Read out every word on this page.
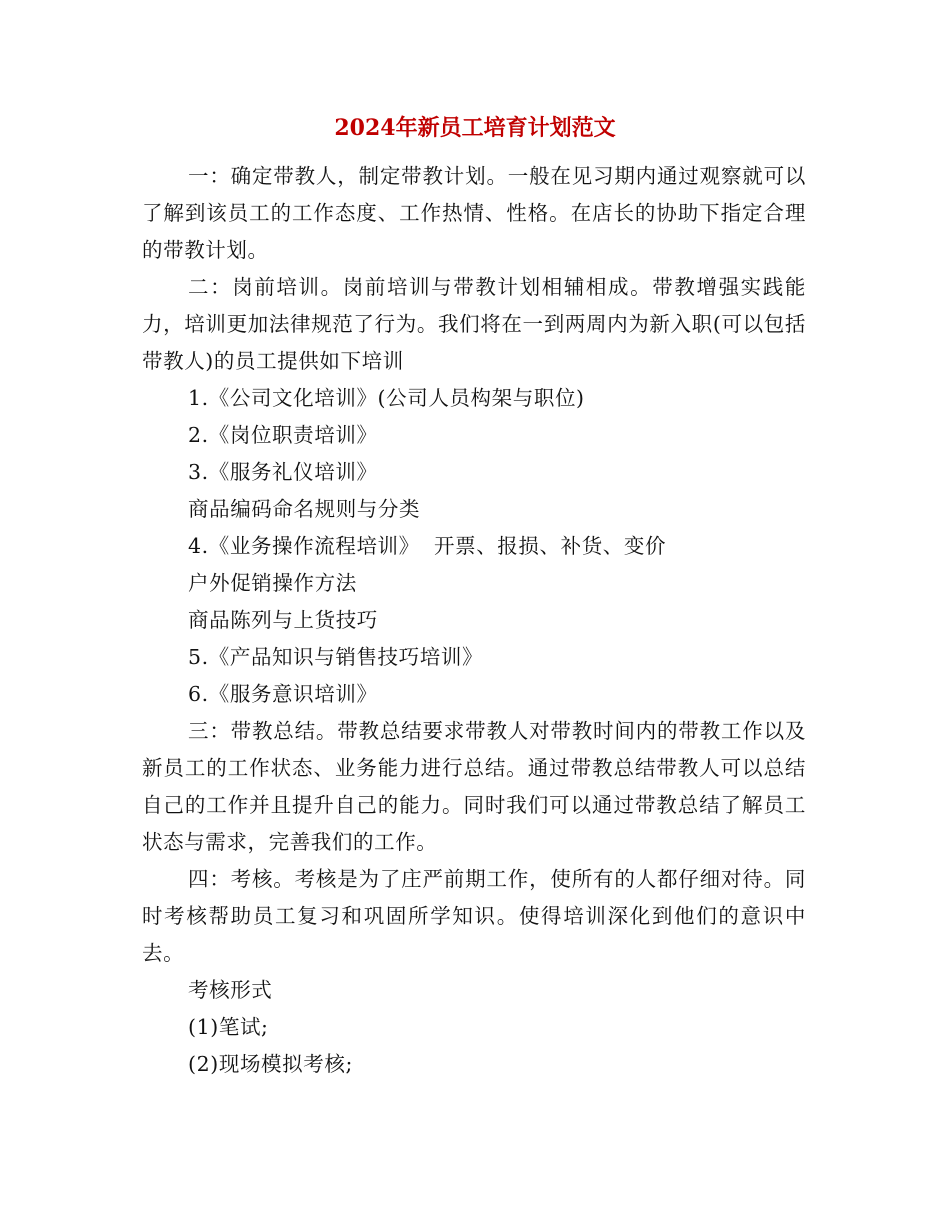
2024年新员工培育计划范文

一：确定带教人，制定带教计划。一般在见习期内通过观察就可以了解到该员工的工作态度、工作热情、性格。在店长的协助下指定合理的带教计划。

二：岗前培训。岗前培训与带教计划相辅相成。带教增强实践能力，培训更加法律规范了行为。我们将在一到两周内为新入职(可以包括带教人)的员工提供如下培训

1.《公司文化培训》(公司人员构架与职位)

2.《岗位职责培训》

3.《服务礼仪培训》

商品编码命名规则与分类

4.《业务操作流程培训》  开票、报损、补货、变价

户外促销操作方法

商品陈列与上货技巧

5.《产品知识与销售技巧培训》

6.《服务意识培训》

三：带教总结。带教总结要求带教人对带教时间内的带教工作以及新员工的工作状态、业务能力进行总结。通过带教总结带教人可以总结自己的工作并且提升自己的能力。同时我们可以通过带教总结了解员工状态与需求，完善我们的工作。

四：考核。考核是为了庄严前期工作，使所有的人都仔细对待。同时考核帮助员工复习和巩固所学知识。使得培训深化到他们的意识中去。

考核形式

(1)笔试;

(2)现场模拟考核;
